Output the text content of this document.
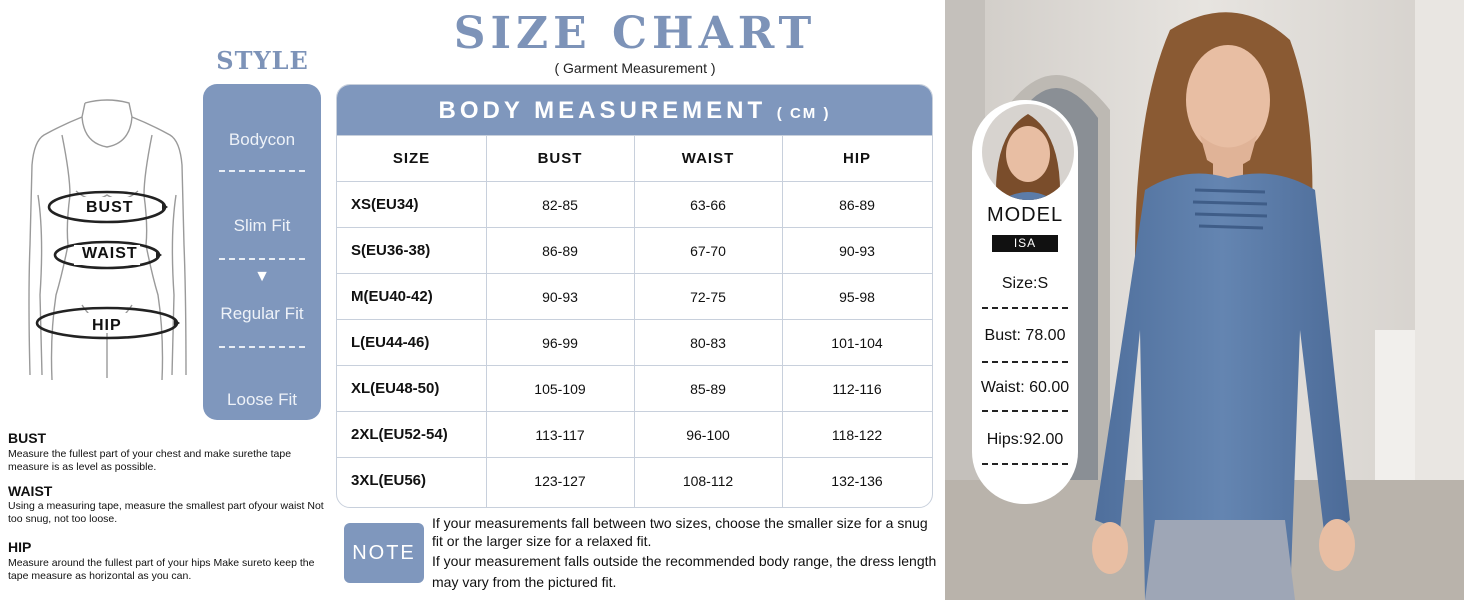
BUST
WAIST
HIP
BUST
Measure the fullest part of your chest and make surethe tape measure is as level as possible.
WAIST
Using a measuring tape, measure the smallest part ofyour waist Not too snug, not too loose.
HIP
Measure around the fullest part of your hips Make sureto keep the tape measure as horizontal as you can.
STYLE
Bodycon
Slim Fit
▼
Regular Fit
Loose Fit
SIZE CHART
( Garment Measurement )
BODY MEASUREMENT ( CM )
SIZE	BUST	WAIST	HIP
XS(EU34)	82-85	63-66	86-89
S(EU36-38)	86-89	67-70	90-93
M(EU40-42)	90-93	72-75	95-98
L(EU44-46)	96-99	80-83	101-104
XL(EU48-50)	105-109	85-89	112-116
2XL(EU52-54)	113-117	96-100	118-122
3XL(EU56)	123-127	108-112	132-136
NOTE
If your measurements fall between two sizes, choose the smaller size for a snug fit or the larger size for a relaxed fit.
If your measurement falls outside the recommended body range, the dress length may vary from the pictured fit.
MODEL
ISA
Size:S
Bust: 78.00
Waist: 60.00
Hips:92.00
